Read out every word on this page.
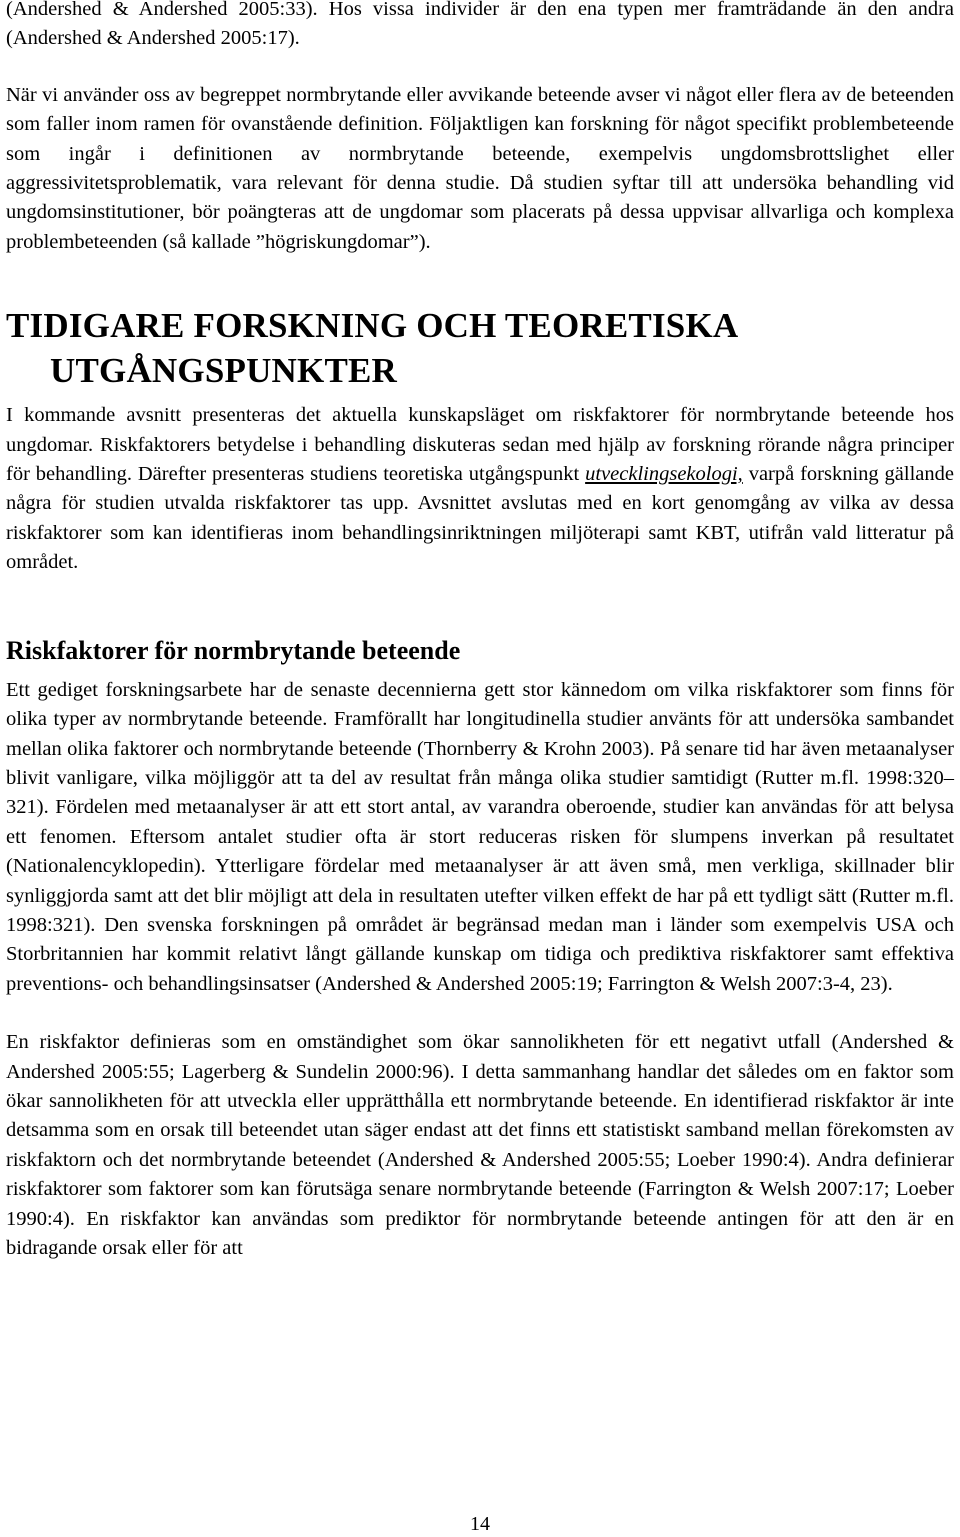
(Andershed & Andershed 2005:33). Hos vissa individer är den ena typen mer framträdande än den andra (Andershed & Andershed 2005:17).

När vi använder oss av begreppet normbrytande eller avvikande beteende avser vi något eller flera av de beteenden som faller inom ramen för ovanstående definition. Följaktligen kan forskning för något specifikt problembeteende som ingår i definitionen av normbrytande beteende, exempelvis ungdomsbrottslighet eller aggressivitetsproblematik, vara relevant för denna studie. Då studien syftar till att undersöka behandling vid ungdomsinstitutioner, bör poängteras att de ungdomar som placerats på dessa uppvisar allvarliga och komplexa problembeteenden (så kallade ”högriskungdomar”).

TIDIGARE FORSKNING OCH TEORETISKA
UTGÅNGSPUNKTER

I kommande avsnitt presenteras det aktuella kunskapsläget om riskfaktorer för normbrytande beteende hos ungdomar. Riskfaktorers betydelse i behandling diskuteras sedan med hjälp av forskning rörande några principer för behandling. Därefter presenteras studiens teoretiska utgångspunkt utvecklingsekologi, varpå forskning gällande några för studien utvalda riskfaktorer tas upp. Avsnittet avslutas med en kort genomgång av vilka av dessa riskfaktorer som kan identifieras inom behandlingsinriktningen miljöterapi samt KBT, utifrån vald litteratur på området.

Riskfaktorer för normbrytande beteende

Ett gediget forskningsarbete har de senaste decennierna gett stor kännedom om vilka riskfaktorer som finns för olika typer av normbrytande beteende. Framförallt har longitudinella studier använts för att undersöka sambandet mellan olika faktorer och normbrytande beteende (Thornberry & Krohn 2003). På senare tid har även metaanalyser blivit vanligare, vilka möjliggör att ta del av resultat från många olika studier samtidigt (Rutter m.fl. 1998:320–321). Fördelen med metaanalyser är att ett stort antal, av varandra oberoende, studier kan användas för att belysa ett fenomen. Eftersom antalet studier ofta är stort reduceras risken för slumpens inverkan på resultatet (Nationalencyklopedin). Ytterligare fördelar med metaanalyser är att även små, men verkliga, skillnader blir synliggjorda samt att det blir möjligt att dela in resultaten utefter vilken effekt de har på ett tydligt sätt (Rutter m.fl. 1998:321). Den svenska forskningen på området är begränsad medan man i länder som exempelvis USA och Storbritannien har kommit relativt långt gällande kunskap om tidiga och prediktiva riskfaktorer samt effektiva preventions- och behandlingsinsatser (Andershed & Andershed 2005:19; Farrington & Welsh 2007:3-4, 23).

En riskfaktor definieras som en omständighet som ökar sannolikheten för ett negativt utfall (Andershed & Andershed 2005:55; Lagerberg & Sundelin 2000:96). I detta sammanhang handlar det således om en faktor som ökar sannolikheten för att utveckla eller upprätthålla ett normbrytande beteende. En identifierad riskfaktor är inte detsamma som en orsak till beteendet utan säger endast att det finns ett statistiskt samband mellan förekomsten av riskfaktorn och det normbrytande beteendet (Andershed & Andershed 2005:55; Loeber 1990:4). Andra definierar riskfaktorer som faktorer som kan förutsäga senare normbrytande beteende (Farrington & Welsh 2007:17; Loeber 1990:4). En riskfaktor kan användas som prediktor för normbrytande beteende antingen för att den är en bidragande orsak eller för att

14
